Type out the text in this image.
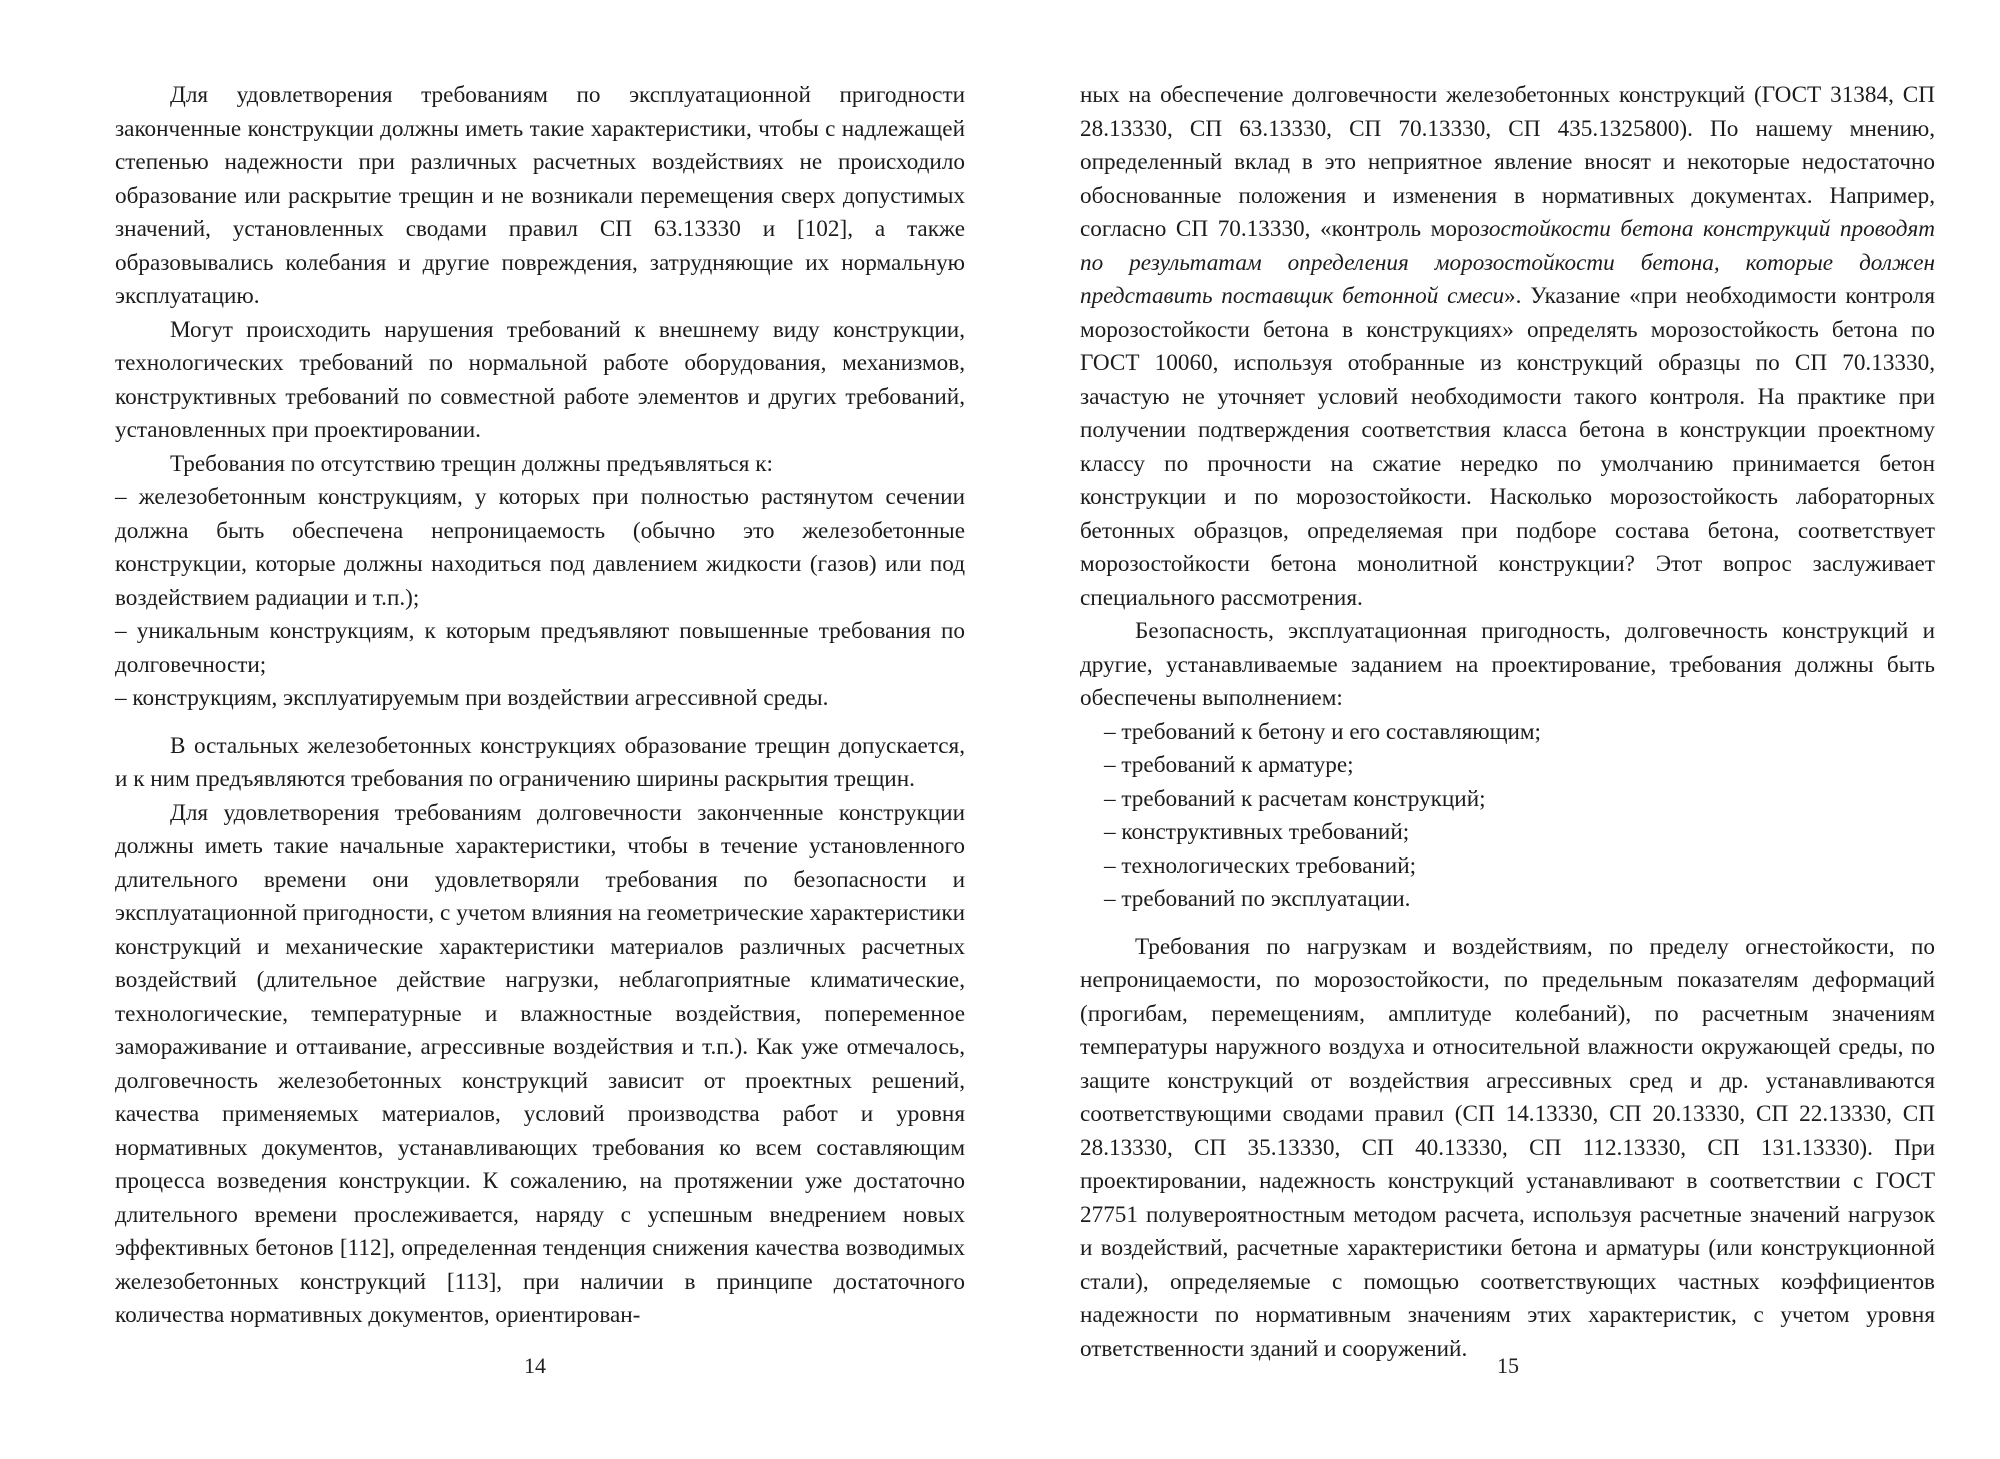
Для удовлетворения требованиям по эксплуатационной пригодности законченные конструкции должны иметь такие характеристики, чтобы с надлежащей степенью надежности при различных расчетных воздействиях не происходило образование или раскрытие трещин и не возникали перемещения сверх допустимых значений, установленных сводами правил СП 63.13330 и [102], а также образовывались колебания и другие повреждения, затрудняющие их нормальную эксплуатацию.

Могут происходить нарушения требований к внешнему виду конструкции, технологических требований по нормальной работе оборудования, механизмов, конструктивных требований по совместной работе элементов и других требований, установленных при проектировании.

Требования по отсутствию трещин должны предъявляться к:

– железобетонным конструкциям, у которых при полностью растянутом сечении должна быть обеспечена непроницаемость (обычно это железобетонные конструкции, которые должны находиться под давлением жидкости (газов) или под воздействием радиации и т.п.);

– уникальным конструкциям, к которым предъявляют повышенные требования по долговечности;

– конструкциям, эксплуатируемым при воздействии агрессивной среды.

В остальных железобетонных конструкциях образование трещин допускается, и к ним предъявляются требования по ограничению ширины раскрытия трещин.

Для удовлетворения требованиям долговечности законченные конструкции должны иметь такие начальные характеристики, чтобы в течение установленного длительного времени они удовлетворяли требования по безопасности и эксплуатационной пригодности, с учетом влияния на геометрические характеристики конструкций и механические характеристики материалов различных расчетных воздействий (длительное действие нагрузки, неблагоприятные климатические, технологические, температурные и влажностные воздействия, попеременное замораживание и оттаивание, агрессивные воздействия и т.п.). Как уже отмечалось, долговечность железобетонных конструкций зависит от проектных решений, качества применяемых материалов, условий производства работ и уровня нормативных документов, устанавливающих требования ко всем составляющим процесса возведения конструкции. К сожалению, на протяжении уже достаточно длительного времени прослеживается, наряду с успешным внедрением новых эффективных бетонов [112], определенная тенденция снижения качества возводимых железобетонных конструкций [113], при наличии в принципе достаточного количества нормативных документов, ориентирован-

14	15

ных на обеспечение долговечности железобетонных конструкций (ГОСТ 31384, СП 28.13330, СП 63.13330, СП 70.13330, СП 435.1325800). По нашему мнению, определенный вклад в это неприятное явление вносят и некоторые недостаточно обоснованные положения и изменения в нормативных документах. Например, согласно СП 70.13330, «контроль морозостойкости бетона конструкций проводят по результатам определения морозостойкости бетона, которые должен представить поставщик бетонной смеси». Указание «при необходимости контроля морозостойкости бетона в конструкциях» определять морозостойкость бетона по ГОСТ 10060, используя отобранные из конструкций образцы по СП 70.13330, зачастую не уточняет условий необходимости такого контроля. На практике при получении подтверждения соответствия класса бетона в конструкции проектному классу по прочности на сжатие нередко по умолчанию принимается бетон конструкции и по морозостойкости. Насколько морозостойкость лабораторных бетонных образцов, определяемая при подборе состава бетона, соответствует морозостойкости бетона монолитной конструкции? Этот вопрос заслуживает специального рассмотрения.

Безопасность, эксплуатационная пригодность, долговечность конструкций и другие, устанавливаемые заданием на проектирование, требования должны быть обеспечены выполнением:

– требований к бетону и его составляющим;

– требований к арматуре;

– требований к расчетам конструкций;

– конструктивных требований;

– технологических требований;

– требований по эксплуатации.

Требования по нагрузкам и воздействиям, по пределу огнестойкости, по непроницаемости, по морозостойкости, по предельным показателям деформаций (прогибам, перемещениям, амплитуде колебаний), по расчетным значениям температуры наружного воздуха и относительной влажности окружающей среды, по защите конструкций от воздействия агрессивных сред и др. устанавливаются соответствующими сводами правил (СП 14.13330, СП 20.13330, СП 22.13330, СП 28.13330, СП 35.13330, СП 40.13330, СП 112.13330, СП 131.13330). При проектировании, надежность конструкций устанавливают в соответствии с ГОСТ 27751 полувероятностным методом расчета, используя расчетные значений нагрузок и воздействий, расчетные характеристики бетона и арматуры (или конструкционной стали), определяемые с помощью соответствующих частных коэффициентов надежности по нормативным значениям этих характеристик, с учетом уровня ответственности зданий и сооружений.
